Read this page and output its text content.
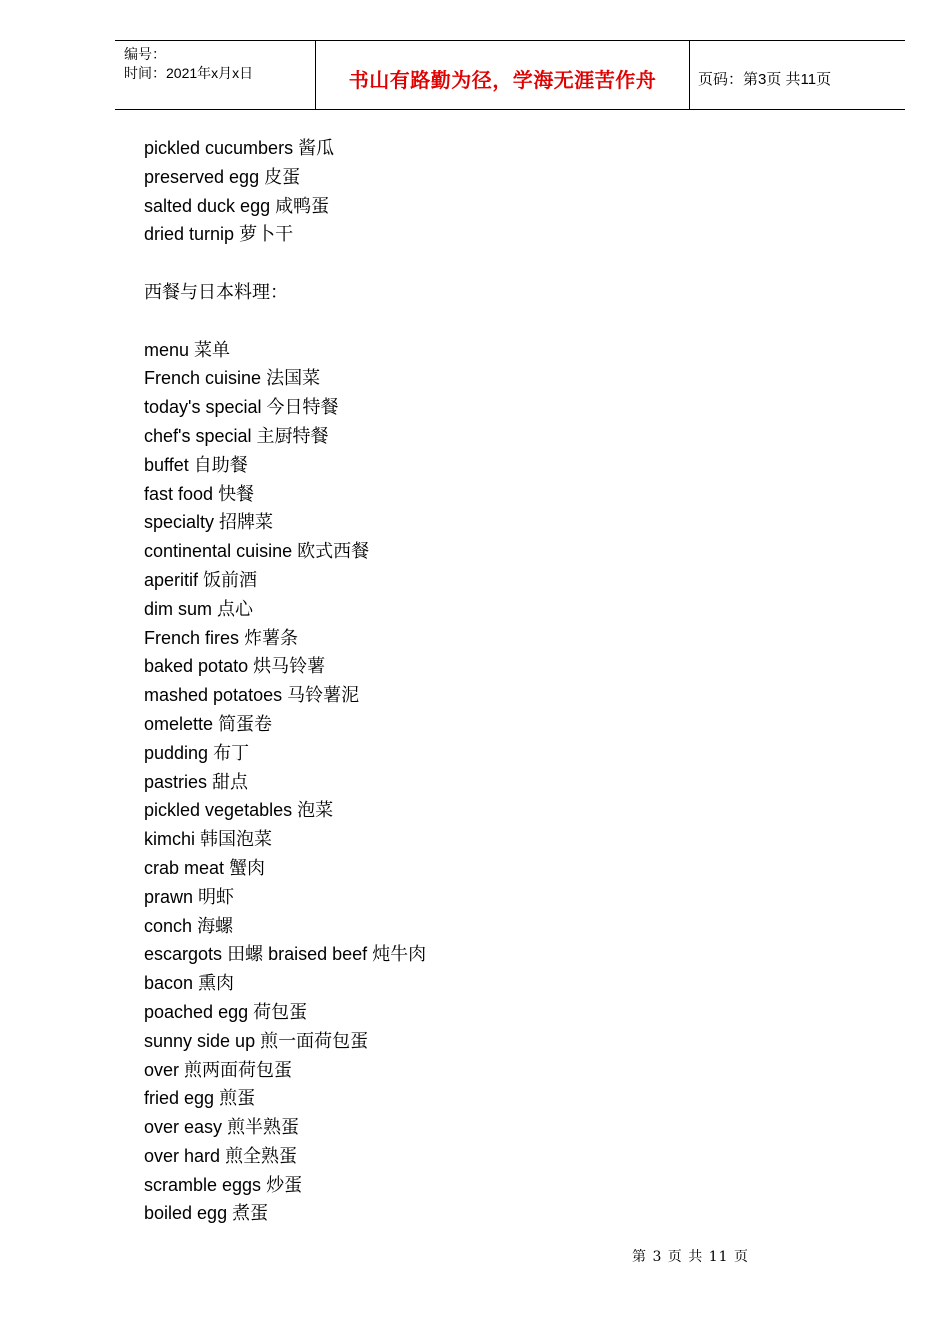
编号：
时间：2021年x月x日	书山有路勤为径，学海无涯苦作舟	页码：第3页 共11页
pickled cucumbers 酱瓜
preserved egg 皮蛋
salted duck egg 咸鸭蛋
dried turnip 萝卜干
西餐与日本料理：
menu 菜单
French cuisine 法国菜
today's special 今日特餐
chef's special 主厨特餐
buffet 自助餐
fast food 快餐
specialty 招牌菜
continental cuisine 欧式西餐
aperitif 饭前酒
dim sum 点心
French fires 炸薯条
baked potato 烘马铃薯
mashed potatoes 马铃薯泥
omelette 简蛋卷
pudding 布丁
pastries 甜点
pickled vegetables 泡菜
kimchi 韩国泡菜
crab meat 蟹肉
prawn 明虾
conch 海螺
escargots 田螺 braised beef 炖牛肉
bacon 熏肉
poached egg 荷包蛋
sunny side up 煎一面荷包蛋
over 煎两面荷包蛋
fried egg 煎蛋
over easy 煎半熟蛋
over hard 煎全熟蛋
scramble eggs 炒蛋
boiled egg 煮蛋
第 3 页 共 11 页
